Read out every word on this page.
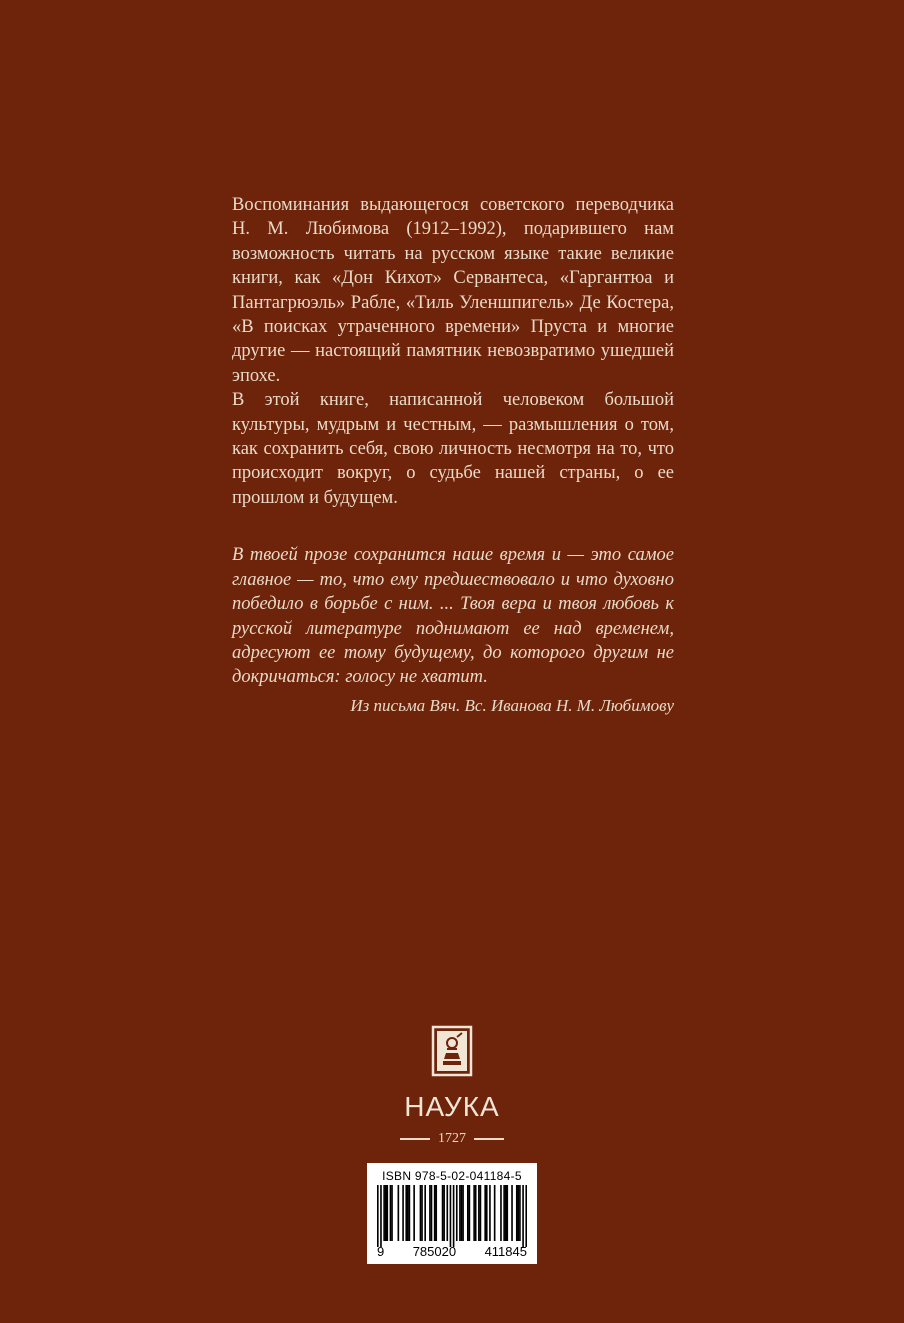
Воспоминания выдающегося советского переводчика Н. М. Любимова (1912–1992), подарившего нам возможность читать на русском языке такие великие книги, как «Дон Кихот» Сервантеса, «Гаргантюа и Пантагрюэль» Рабле, «Тиль Уленшпигель» Де Костера, «В поисках утраченного времени» Пруста и многие другие — настоящий памятник невозвратимо ушедшей эпохе.

В этой книге, написанной человеком большой культуры, мудрым и честным, — размышления о том, как сохранить себя, свою личность несмотря на то, что происходит вокруг, о судьбе нашей страны, о ее прошлом и будущем.

В твоей прозе сохранится наше время и — это самое главное — то, что ему предшествовало и что духовно победило в борьбе с ним. ... Твоя вера и твоя любовь к русской литературе поднимают ее над временем, адресуют ее тому будущему, до которого другим не докричаться: голосу не хватит.

Из письма Вяч. Вс. Иванова Н. М. Любимову
НАУКА
1727
ISBN 978-5-02-041184-5
9 785020 411845
